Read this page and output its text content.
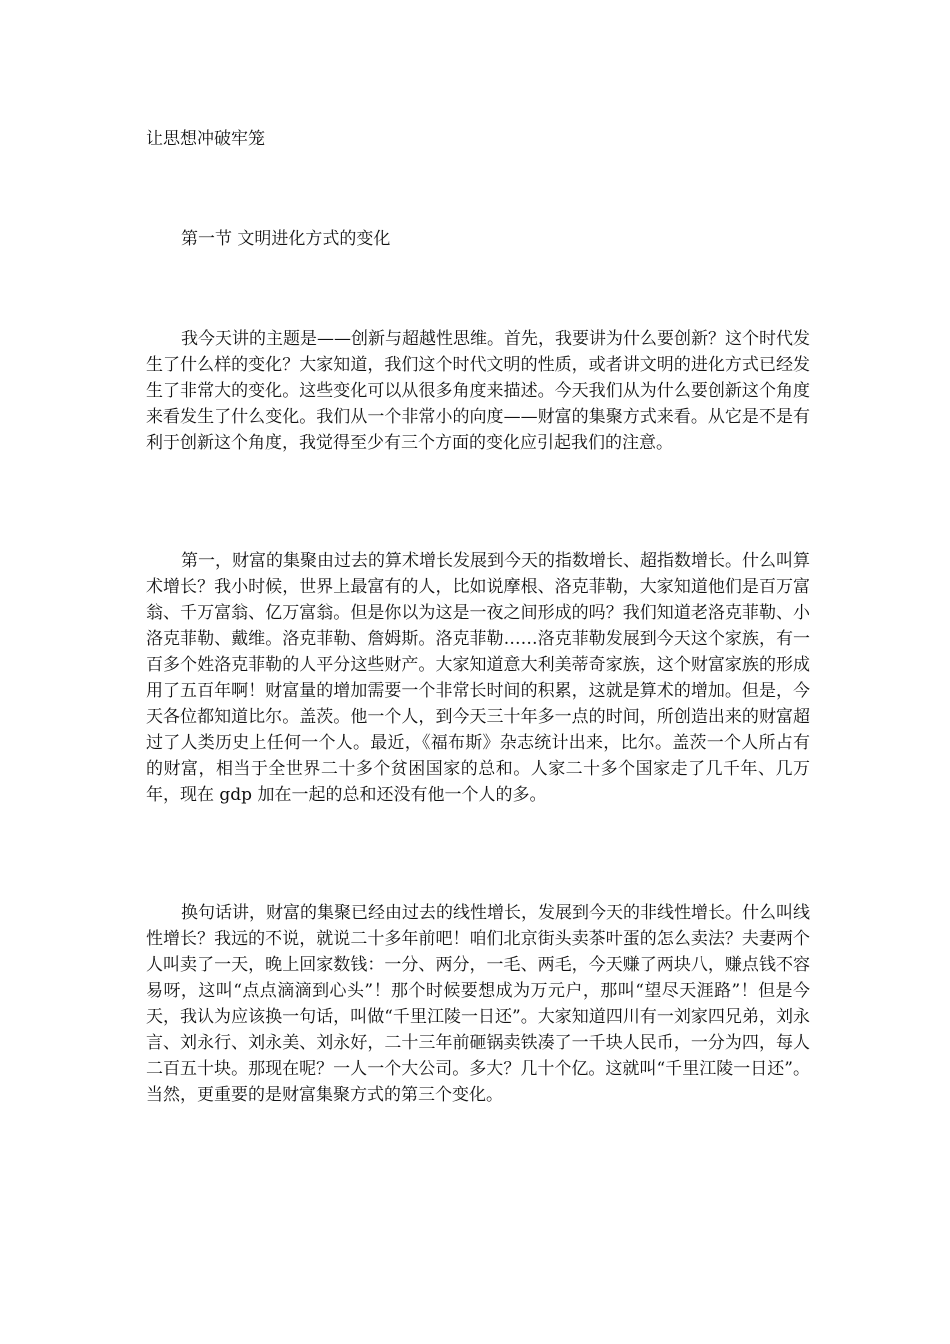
让思想冲破牢笼

第一节 文明进化方式的变化

我今天讲的主题是——创新与超越性思维。首先，我要讲为什么要创新？这个时代发生了什么样的变化？大家知道，我们这个时代文明的性质，或者讲文明的进化方式已经发生了非常大的变化。这些变化可以从很多角度来描述。今天我们从为什么要创新这个角度来看发生了什么变化。我们从一个非常小的向度——财富的集聚方式来看。从它是不是有利于创新这个角度，我觉得至少有三个方面的变化应引起我们的注意。

第一，财富的集聚由过去的算术增长发展到今天的指数增长、超指数增长。什么叫算术增长？我小时候，世界上最富有的人，比如说摩根、洛克菲勒，大家知道他们是百万富翁、千万富翁、亿万富翁。但是你以为这是一夜之间形成的吗？我们知道老洛克菲勒、小洛克菲勒、戴维。洛克菲勒、詹姆斯。洛克菲勒……洛克菲勒发展到今天这个家族，有一百多个姓洛克菲勒的人平分这些财产。大家知道意大利美蒂奇家族，这个财富家族的形成用了五百年啊！财富量的增加需要一个非常长时间的积累，这就是算术的增加。但是，今天各位都知道比尔。盖茨。他一个人，到今天三十年多一点的时间，所创造出来的财富超过了人类历史上任何一个人。最近，《福布斯》杂志统计出来，比尔。盖茨一个人所占有的财富，相当于全世界二十多个贫困国家的总和。人家二十多个国家走了几千年、几万年，现在 gdp 加在一起的总和还没有他一个人的多。

换句话讲，财富的集聚已经由过去的线性增长，发展到今天的非线性增长。什么叫线性增长？我远的不说，就说二十多年前吧！咱们北京街头卖茶叶蛋的怎么卖法？夫妻两个人叫卖了一天，晚上回家数钱：一分、两分，一毛、两毛，今天赚了两块八，赚点钱不容易呀，这叫“点点滴滴到心头”！那个时候要想成为万元户，那叫“望尽天涯路”！但是今天，我认为应该换一句话，叫做“千里江陵一日还”。大家知道四川有一刘家四兄弟，刘永言、刘永行、刘永美、刘永好，二十三年前砸锅卖铁凑了一千块人民币，一分为四，每人二百五十块。那现在呢？一人一个大公司。多大？几十个亿。这就叫“千里江陵一日还”。当然，更重要的是财富集聚方式的第三个变化。
